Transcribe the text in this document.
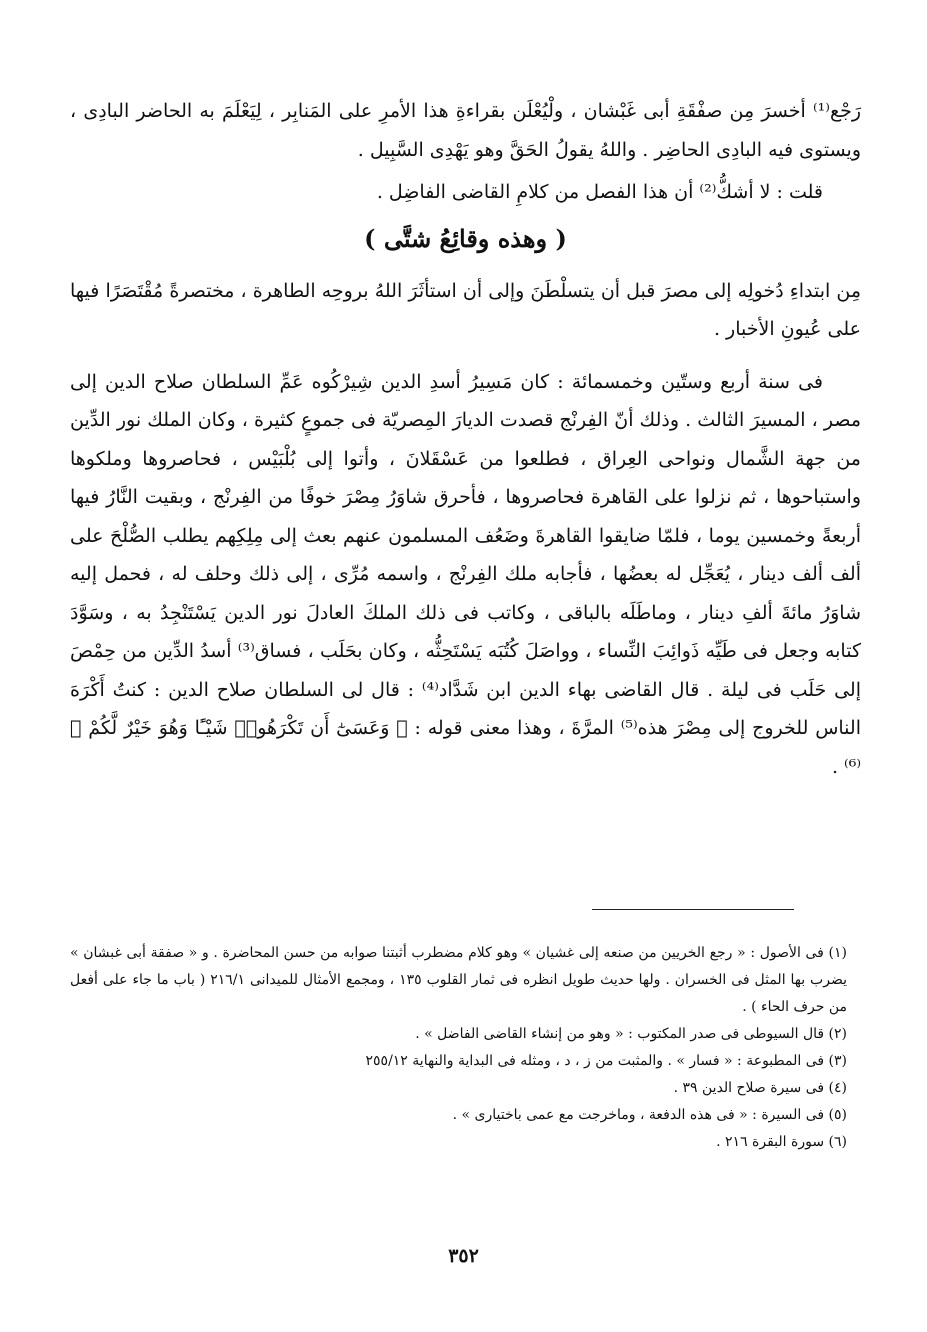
رَجْع⁽¹⁾ أخسرَ مِن صفْقَةِ أبى غَبْشان ، ولْيُعْلَن بقراءةِ هذا الأمرِ على المَنابِر ، لِيَعْلَمَ به الحاضر البادِى ، ويستوى فيه البادِى الحاضِر . واللهُ يقولُ الحَقَّ وهو يَهْدِى السَّبِيل .

قلت : لا أشكُّ⁽²⁾ أن هذا الفصل من كلامِ القاضى الفاضِل .

( وهذه وقائِعُ شتَّى )

مِن ابتداءِ دُخولِه إلى مصرَ قبل أن يتسلْطَنَ وإلى أن استأثَرَ اللهُ بروحِه الطاهرة ، مختصرةً مُقْتَصَرًا فيها على عُيونِ الأخبار .

فى سنة أربع وستّين وخمسمائة : كان مَسِيرُ أسدِ الدين شِيرْكُوه عَمِّ السلطان صلاح الدين إلى مصر ، المسيرَ الثالث . وذلك أنّ الفِرنْج قصدت الديارَ المِصريّة فى جموعٍ كثيرة ، وكان الملك نور الدِّين من جهة الشَّمال ونواحى العِراق ، فطلعوا من عَسْقَلانَ ، وأتوا إلى بُلْبَيْس ، فحاصروها وملكوها واستباحوها ، ثم نزلوا على القاهرة فحاصروها ، فأحرق شاوَرُ مِصْرَ خوفًا من الفِرنْج ، وبقيت النَّارُ فيها أربعةً وخمسين يوما ، فلمّا ضايقوا القاهرةَ وضَعُف المسلمون عنهم بعث إلى مِلِكِهم يطلب الصُّلْحَ على ألف ألف دينار ، يُعَجِّل له بعضُها ، فأجابه ملك الفِرنْج ، واسمه مُرِّى ، إلى ذلك وحلف له ، فحمل إليه شاوَرُ مائةَ ألفِ دينار ، وماطَلَه بالباقى ، وكاتب فى ذلك الملكَ العادلَ نور الدين يَسْتَنْجِدُ به ، وسَوَّدَ كتابه وجعل فى طَيِّه ذَوائِبَ النِّساء ، وواصَلَ كُتُبَه يَسْتَحِثُّه ، وكان بحَلَب ، فساق⁽³⁾ أسدُ الدِّين من حِمْصَ إلى حَلَب فى ليلة . قال القاضى بهاء الدين ابن شَدَّاد⁽⁴⁾ : قال لى السلطان صلاح الدين : كنتُ أَكْرَهَ الناس للخروج إلى مِصْرَ هذه⁽⁵⁾ المرَّةَ ، وهذا معنى قوله : ﴿ وَعَسَىٰٓ أَن تَكْرَهُوا۟ شَيْـًٔا وَهُوَ خَيْرٌ لَّكُمْ ﴾⁽⁶⁾ .

(١) فى الأصول : « رجع الخريين من صنعه إلى غشيان » وهو كلام مضطرب أثبتنا صوابه من حسن المحاضرة . و « صفقة أبى غبشان » يضرب بها المثل فى الخسران . ولها حديث طويل انظره فى ثمار القلوب ١٣٥ ، ومجمع الأمثال للميدانى ٢١٦/١ ( باب ما جاء على أفعل من حرف الحاء ) .

(٢) قال السيوطى فى صدر المكتوب : « وهو من إنشاء القاضى الفاضل » .

(٣) فى المطبوعة : « فسار » . والمثبت من ز ، د ، ومثله فى البداية والنهاية ٢٥٥/١٢

(٤) فى سيرة صلاح الدين ٣٩ .

(٥) فى السيرة : « فى هذه الدفعة ، وماخرجت مع عمى باختيارى » .

(٦) سورة البقرة ٢١٦ .

٣٥٢
